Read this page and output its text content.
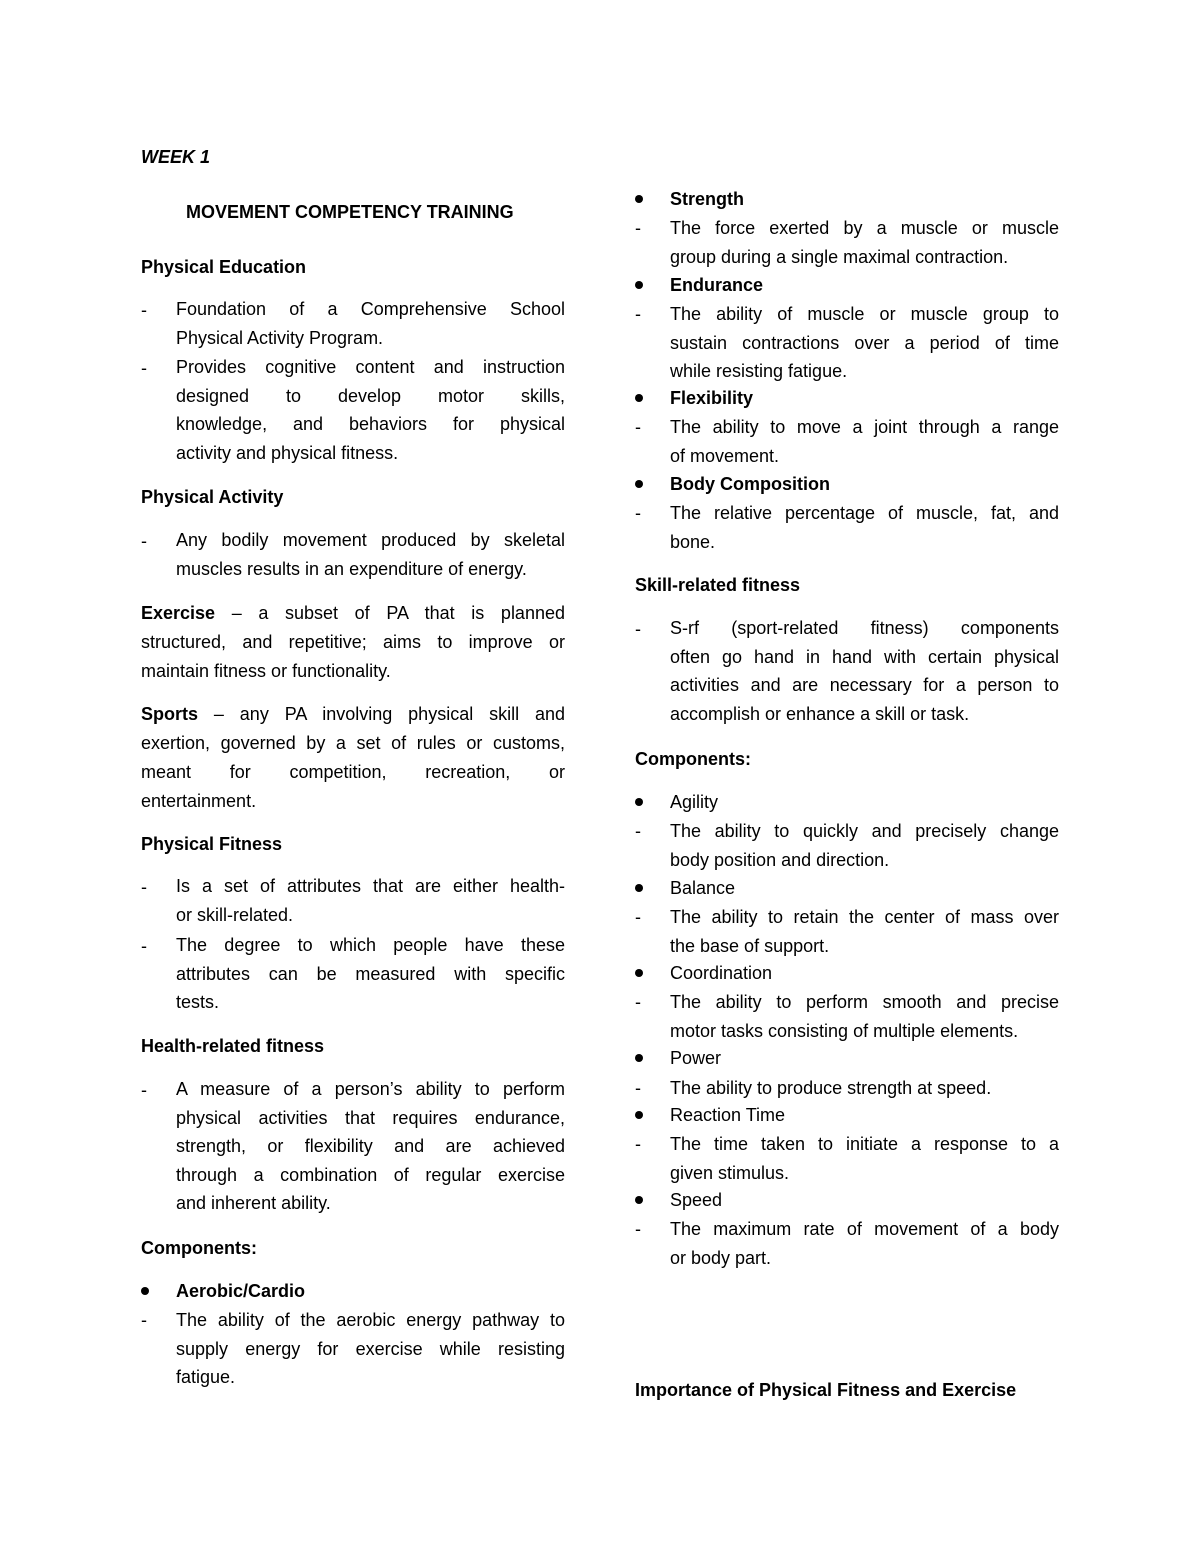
WEEK 1
MOVEMENT COMPETENCY TRAINING
Physical Education
- Foundation of a Comprehensive School
Physical Activity Program.
- Provides cognitive content and instruction
designed to develop motor skills,
knowledge, and behaviors for physical
activity and physical fitness.
Physical Activity
- Any bodily movement produced by skeletal
muscles results in an expenditure of energy.
Exercise – a subset of PA that is planned
structured, and repetitive; aims to improve or
maintain fitness or functionality.
Sports – any PA involving physical skill and
exertion, governed by a set of rules or customs,
meant for competition, recreation, or
entertainment.
Physical Fitness
- Is a set of attributes that are either health-
or skill-related.
- The degree to which people have these
attributes can be measured with specific
tests.
Health-related fitness
- A measure of a person’s ability to perform
physical activities that requires endurance,
strength, or flexibility and are achieved
through a combination of regular exercise
and inherent ability.
Components:
Aerobic/Cardio
- The ability of the aerobic energy pathway to
supply energy for exercise while resisting
fatigue.
Strength
- The force exerted by a muscle or muscle
group during a single maximal contraction.
Endurance
- The ability of muscle or muscle group to
sustain contractions over a period of time
while resisting fatigue.
Flexibility
- The ability to move a joint through a range
of movement.
Body Composition
- The relative percentage of muscle, fat, and
bone.
Skill-related fitness
- S-rf (sport-related fitness) components
often go hand in hand with certain physical
activities and are necessary for a person to
accomplish or enhance a skill or task.
Components:
Agility
- The ability to quickly and precisely change
body position and direction.
Balance
- The ability to retain the center of mass over
the base of support.
Coordination
- The ability to perform smooth and precise
motor tasks consisting of multiple elements.
Power
- The ability to produce strength at speed.
Reaction Time
- The time taken to initiate a response to a
given stimulus.
Speed
- The maximum rate of movement of a body
or body part.
Importance of Physical Fitness and Exercise
